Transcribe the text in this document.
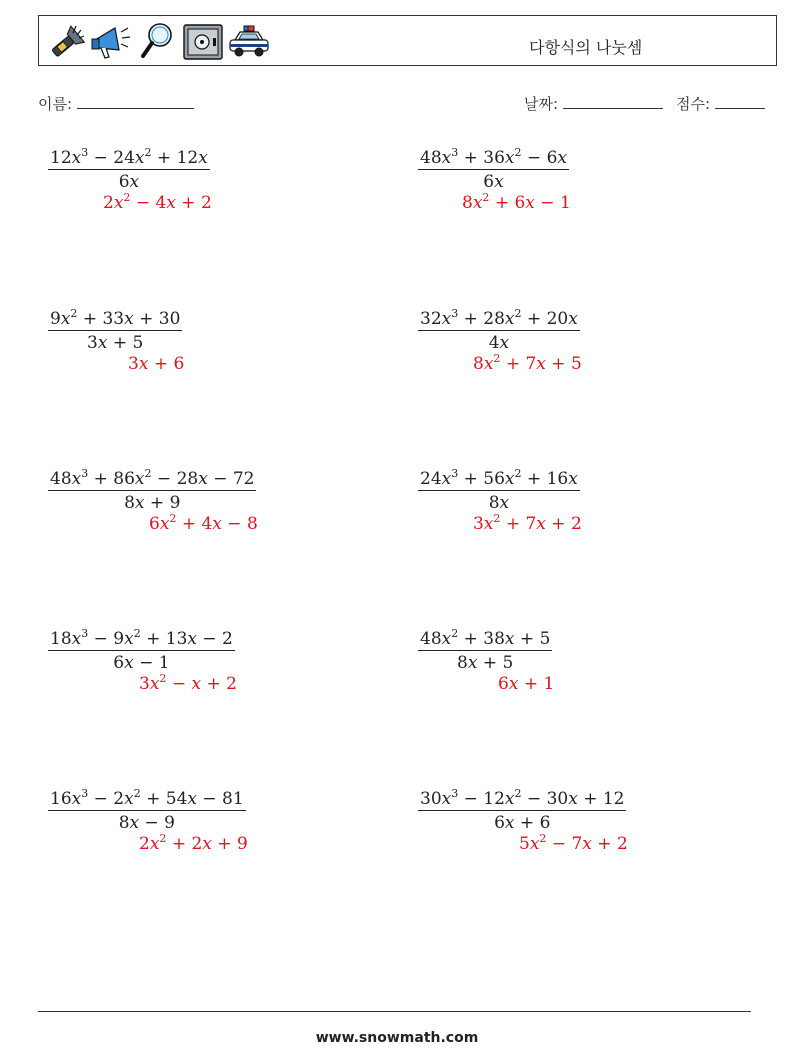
다항식의 나눗셈
이름:	날짜:	점수:
$12x^3 - 24x^2 + 12x$
6x
$2x^2 - 4x + 2$
$48x^3 + 36x^2 - 6x$
6x
$8x^2 + 6x - 1$
$9x^2 + 33x + 30$
3x + 5
3x + 6
$32x^3 + 28x^2 + 20x$
4x
$8x^2 + 7x + 5$
$48x^3 + 86x^2 - 28x - 72$
8x + 9
$6x^2 + 4x - 8$
$24x^3 + 56x^2 + 16x$
8x
$3x^2 + 7x + 2$
$18x^3 - 9x^2 + 13x - 2$
6x − 1
$3x^2 - x + 2$
$48x^2 + 38x + 5$
8x + 5
6x + 1
$16x^3 - 2x^2 + 54x - 81$
8x − 9
$2x^2 + 2x + 9$
$30x^3 - 12x^2 - 30x + 12$
6x + 6
$5x^2 - 7x + 2$
www.snowmath.com
